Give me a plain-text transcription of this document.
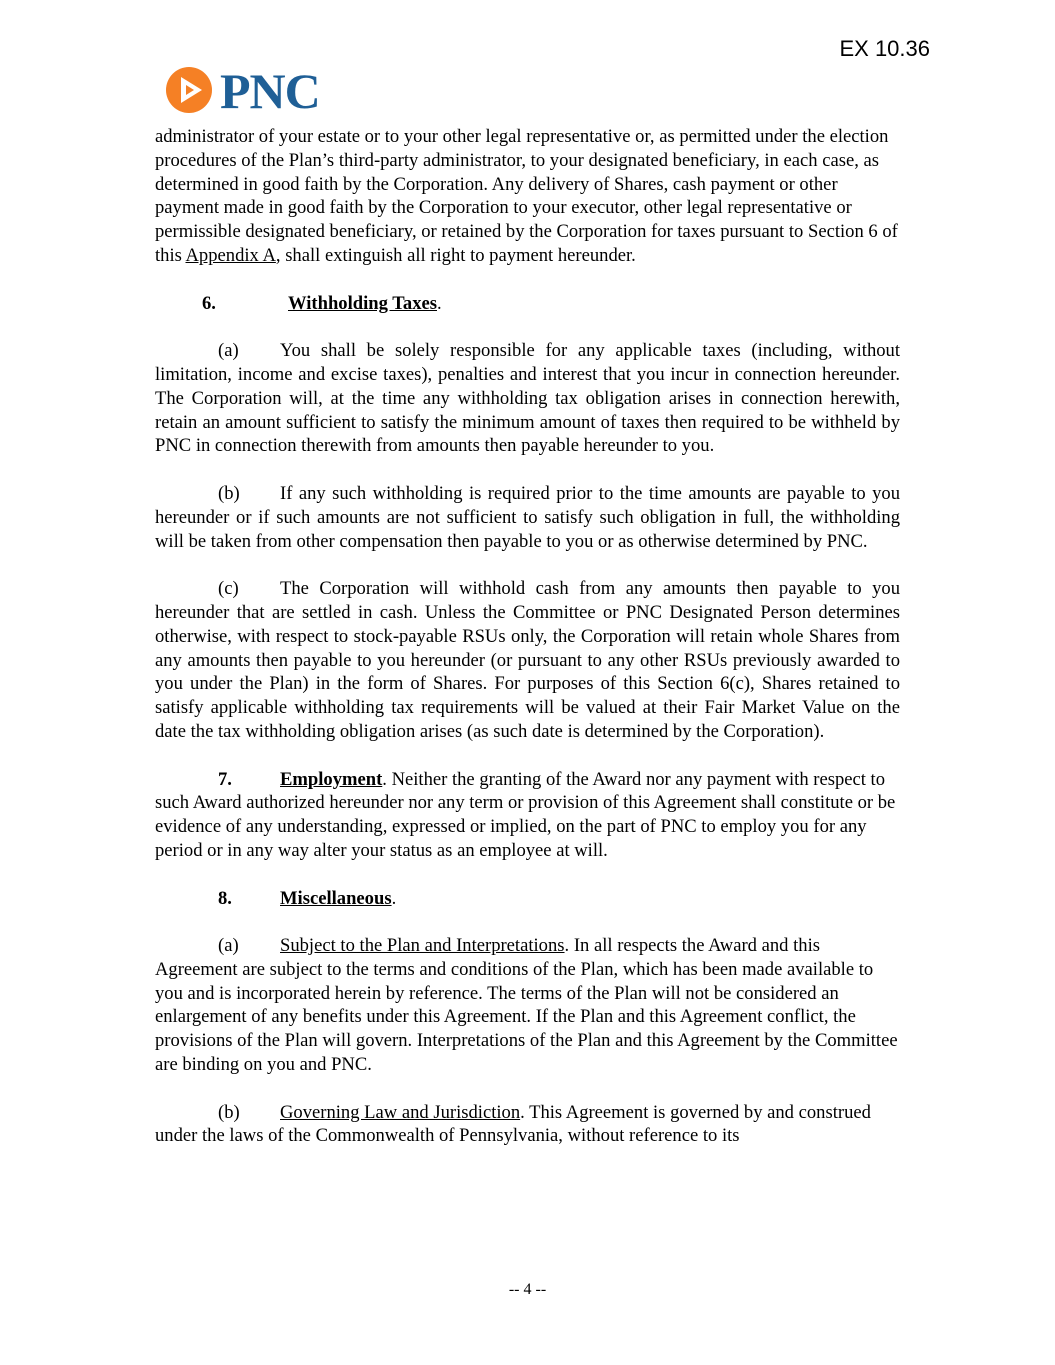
EX 10.36
PNC

administrator of your estate or to your other legal representative or, as permitted under the election procedures of the Plan’s third-party administrator, to your designated beneficiary, in each case, as determined in good faith by the Corporation. Any delivery of Shares, cash payment or other payment made in good faith by the Corporation to your executor, other legal representative or permissible designated beneficiary, or retained by the Corporation for taxes pursuant to Section 6 of this Appendix A, shall extinguish all right to payment hereunder.

6.	Withholding Taxes.

(a) You shall be solely responsible for any applicable taxes (including, without limitation, income and excise taxes), penalties and interest that you incur in connection hereunder. The Corporation will, at the time any withholding tax obligation arises in connection herewith, retain an amount sufficient to satisfy the minimum amount of taxes then required to be withheld by PNC in connection therewith from amounts then payable hereunder to you.

(b) If any such withholding is required prior to the time amounts are payable to you hereunder or if such amounts are not sufficient to satisfy such obligation in full, the withholding will be taken from other compensation then payable to you or as otherwise determined by PNC.

(c) The Corporation will withhold cash from any amounts then payable to you hereunder that are settled in cash. Unless the Committee or PNC Designated Person determines otherwise, with respect to stock-payable RSUs only, the Corporation will retain whole Shares from any amounts then payable to you hereunder (or pursuant to any other RSUs previously awarded to you under the Plan) in the form of Shares. For purposes of this Section 6(c), Shares retained to satisfy applicable withholding tax requirements will be valued at their Fair Market Value on the date the tax withholding obligation arises (as such date is determined by the Corporation).

7.	Employment. Neither the granting of the Award nor any payment with respect to such Award authorized hereunder nor any term or provision of this Agreement shall constitute or be evidence of any understanding, expressed or implied, on the part of PNC to employ you for any period or in any way alter your status as an employee at will.

8.	Miscellaneous.

(a) Subject to the Plan and Interpretations. In all respects the Award and this Agreement are subject to the terms and conditions of the Plan, which has been made available to you and is incorporated herein by reference. The terms of the Plan will not be considered an enlargement of any benefits under this Agreement. If the Plan and this Agreement conflict, the provisions of the Plan will govern. Interpretations of the Plan and this Agreement by the Committee are binding on you and PNC.

(b) Governing Law and Jurisdiction. This Agreement is governed by and construed under the laws of the Commonwealth of Pennsylvania, without reference to its

-- 4 --
